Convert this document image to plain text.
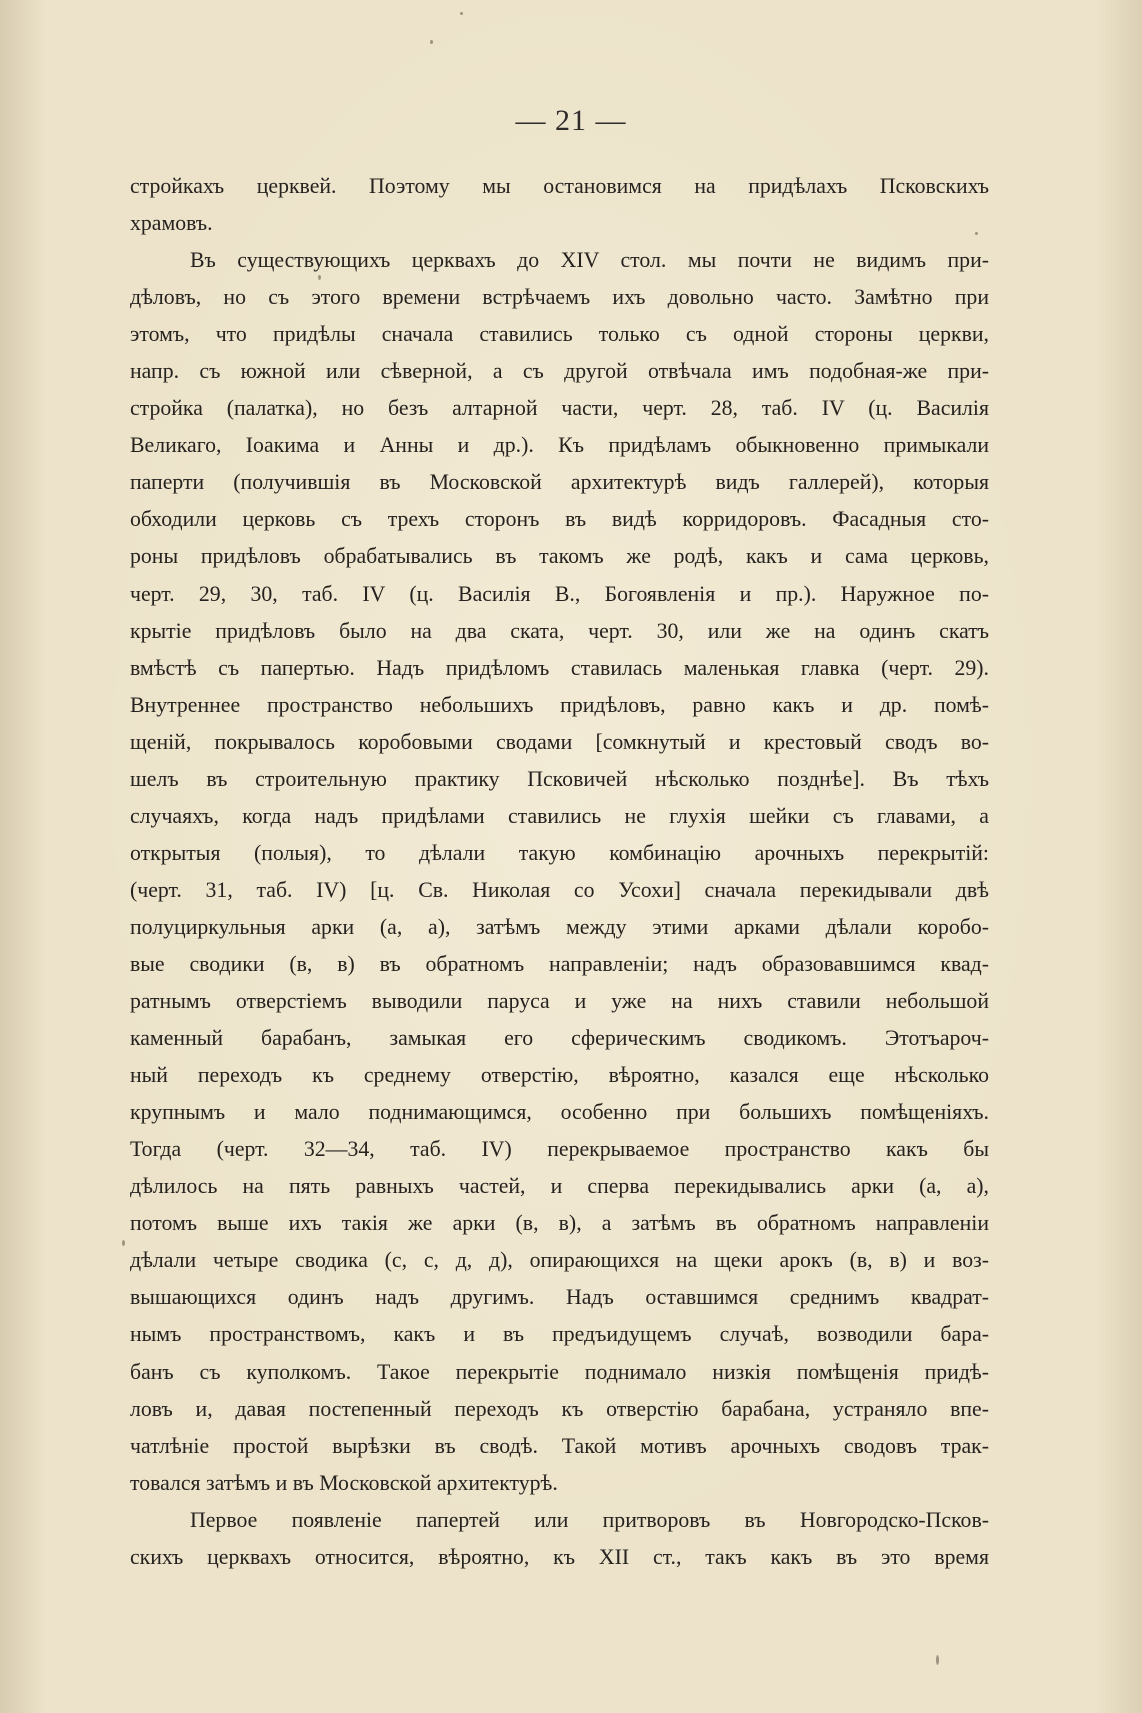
— 21 —
стройкахъ церквей. Поэтому мы остановимся на придѣлахъ Псковскихъ
храмовъ.
Въ существующихъ церквахъ до XIV стол. мы почти не видимъ при-
дѣловъ, но съ этого времени встрѣчаемъ ихъ довольно часто. Замѣтно при
этомъ, что придѣлы сначала ставились только съ одной стороны церкви,
напр. съ южной или сѣверной, а съ другой отвѣчала имъ подобная-же при-
стройка (палатка), но безъ алтарной части, черт. 28, таб. IV (ц. Василія
Великаго, Іоакима и Анны и др.). Къ придѣламъ обыкновенно примыкали
паперти (получившія въ Московской архитектурѣ видъ галлерей), которыя
обходили церковь съ трехъ сторонъ въ видѣ корридоровъ. Фасадныя сто-
роны придѣловъ обрабатывались въ такомъ же родѣ, какъ и сама церковь,
черт. 29, 30, таб. IV (ц. Василія В., Богоявленія и пр.). Наружное по-
крытіе придѣловъ было на два ската, черт. 30, или же на одинъ скатъ
вмѣстѣ съ папертью. Надъ придѣломъ ставилась маленькая главка (черт. 29).
Внутреннее пространство небольшихъ придѣловъ, равно какъ и др. помѣ-
щеній, покрывалось коробовыми сводами [сомкнутый и крестовый сводъ во-
шелъ въ строительную практику Псковичей нѣсколько позднѣе]. Въ тѣхъ
случаяхъ, когда надъ придѣлами ставились не глухія шейки съ главами, а
открытыя (полыя), то дѣлали такую комбинацію арочныхъ перекрытій:
(черт. 31, таб. IV) [ц. Св. Николая со Усохи] сначала перекидывали двѣ
полуциркульныя арки (а, а), затѣмъ между этими арками дѣлали коробо-
вые сводики (в, в) въ обратномъ направленіи; надъ образовавшимся квад-
ратнымъ отверстіемъ выводили паруса и уже на нихъ ставили небольшой
каменный барабанъ, замыкая его сферическимъ сводикомъ. Этотъароч-
ный переходъ къ среднему отверстію, вѣроятно, казался еще нѣсколько
крупнымъ и мало поднимающимся, особенно при большихъ помѣщеніяхъ.
Тогда (черт. 32—34, таб. IV) перекрываемое пространство какъ бы
дѣлилось на пять равныхъ частей, и сперва перекидывались арки (а, а),
потомъ выше ихъ такія же арки (в, в), а затѣмъ въ обратномъ направленіи
дѣлали четыре сводика (с, с, д, д), опирающихся на щеки арокъ (в, в) и воз-
вышающихся одинъ надъ другимъ. Надъ оставшимся среднимъ квадрат-
нымъ пространствомъ, какъ и въ предъидущемъ случаѣ, возводили бара-
банъ съ куполкомъ. Такое перекрытіе поднимало низкія помѣщенія придѣ-
ловъ и, давая постепенный переходъ къ отверстію барабана, устраняло впе-
чатлѣніе простой вырѣзки въ сводѣ. Такой мотивъ арочныхъ сводовъ трак-
товался затѣмъ и въ Московской архитектурѣ.
Первое появленіе папертей или притворовъ въ Новгородско-Псков-
скихъ церквахъ относится, вѣроятно, къ XII ст., такъ какъ въ это время
